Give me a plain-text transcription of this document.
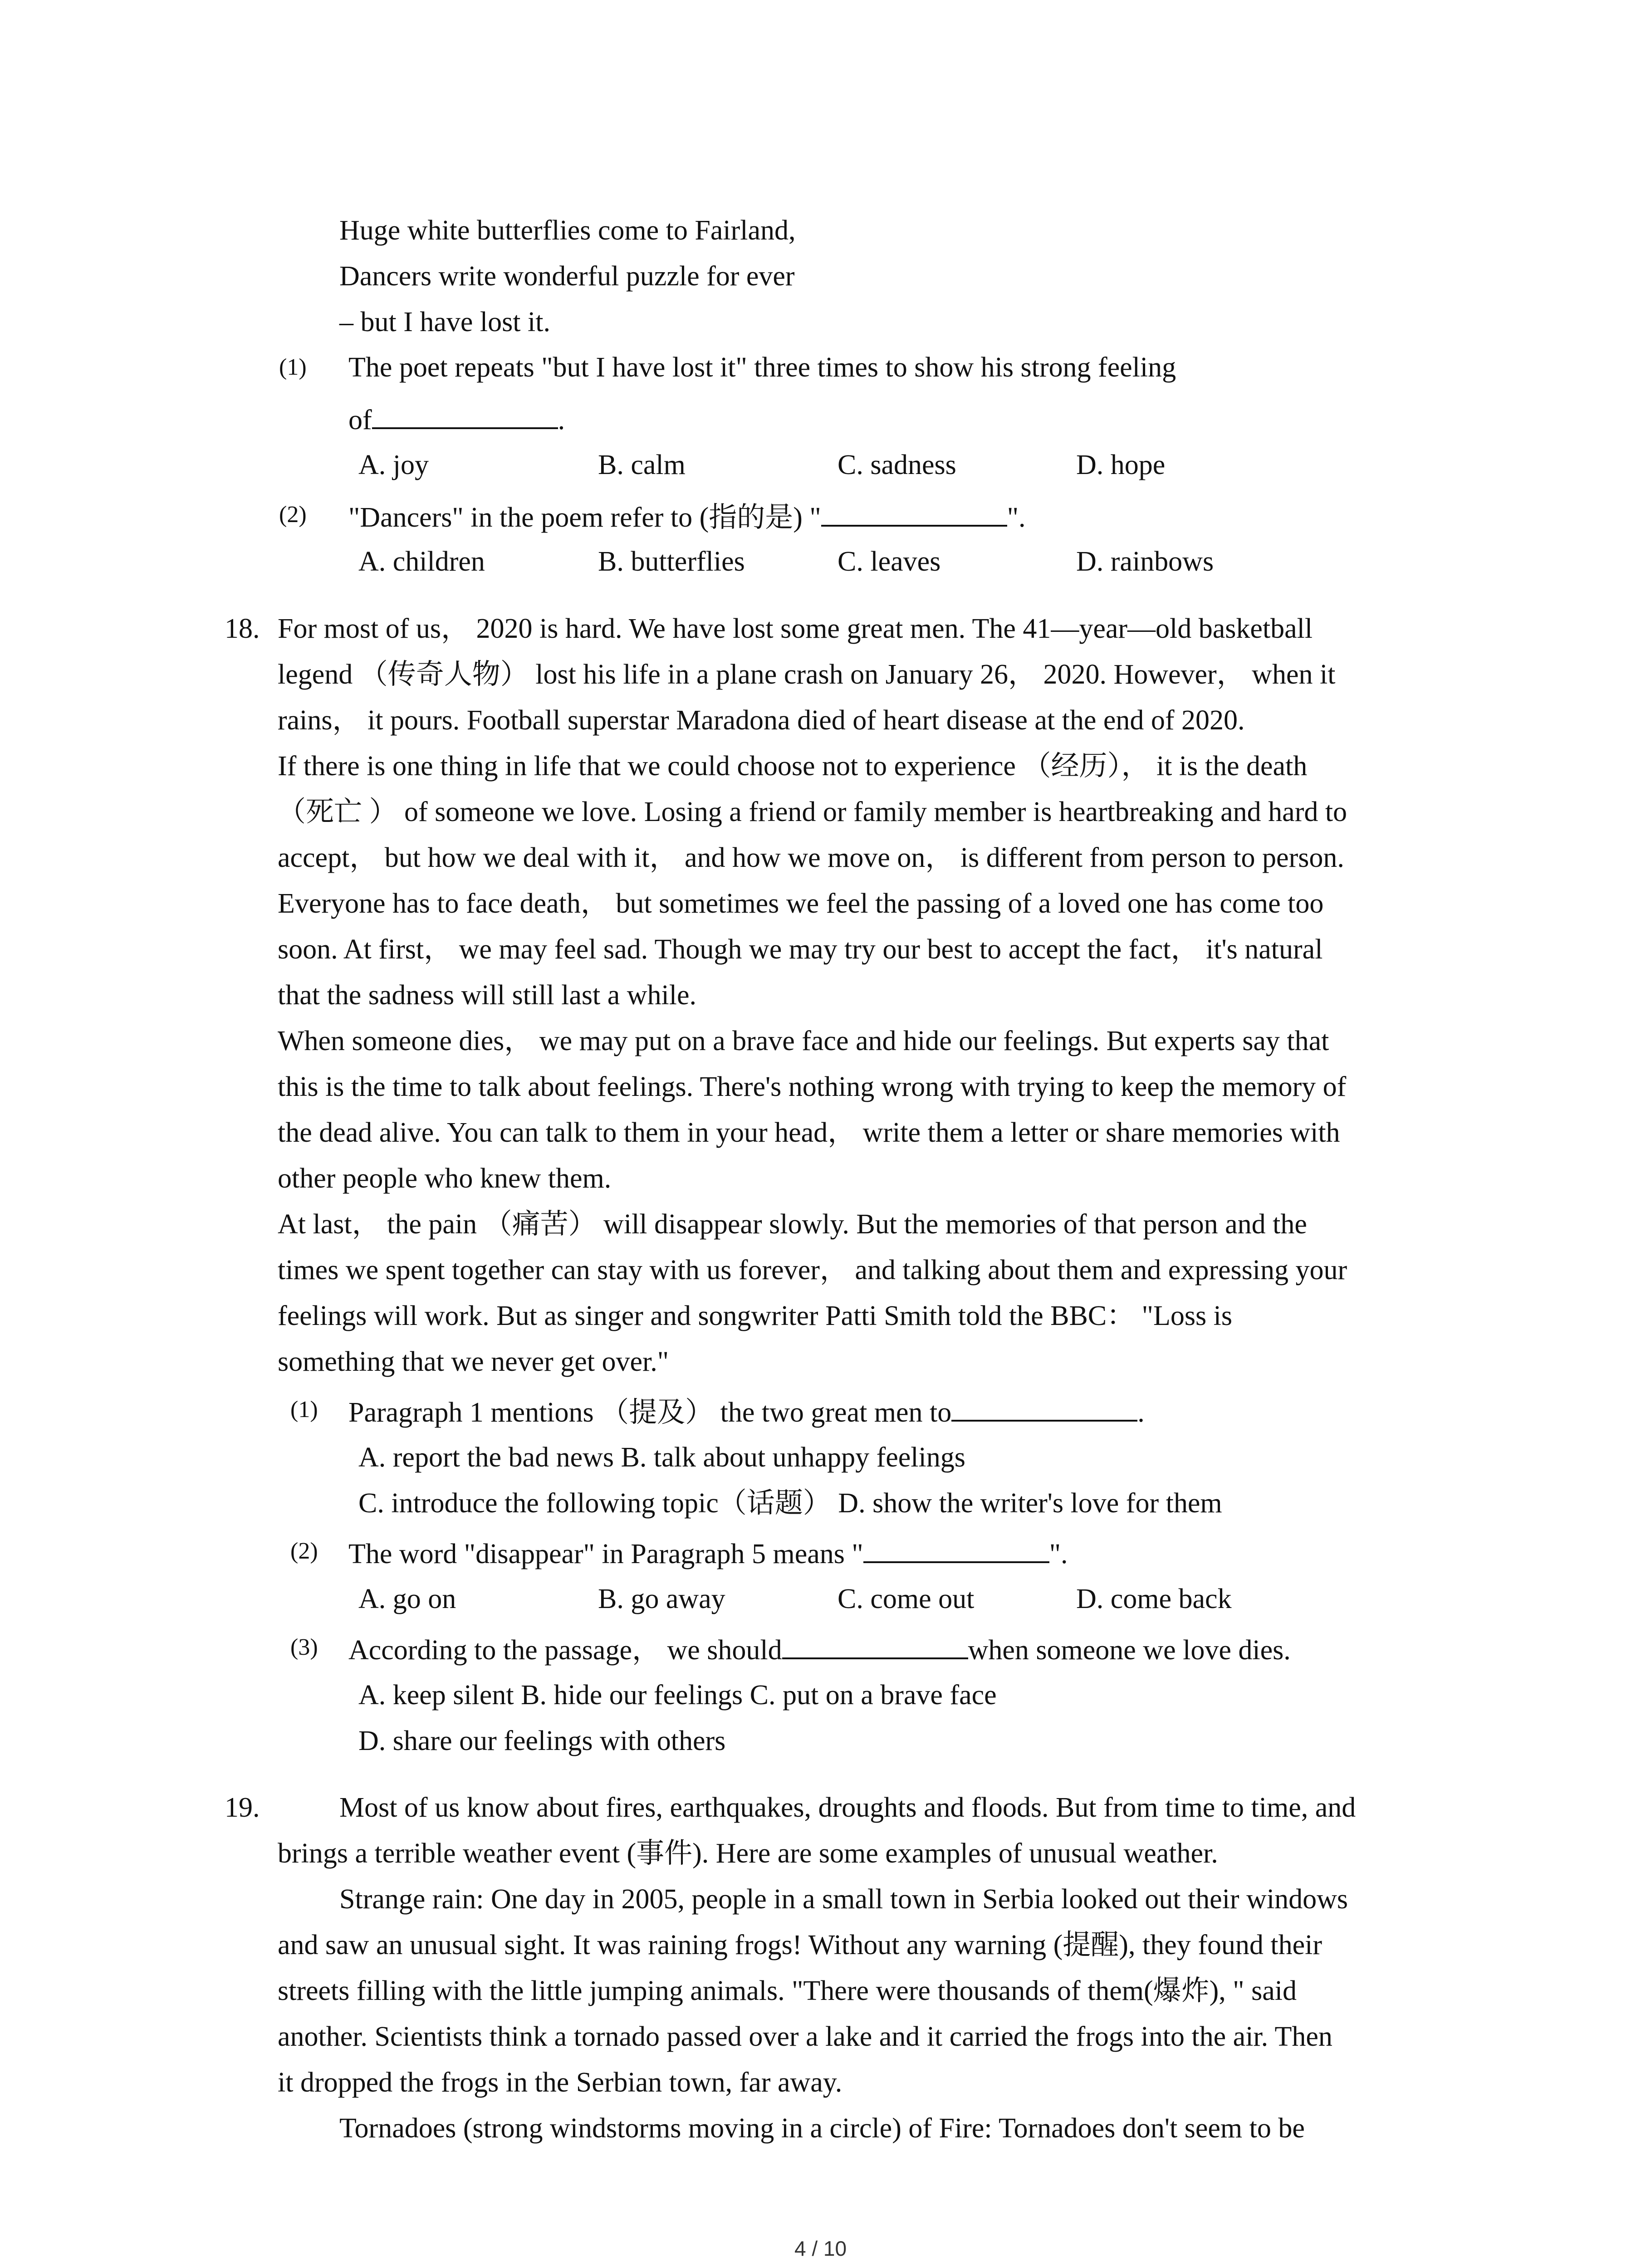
Huge white butterflies come to Fairland,
Dancers write wonderful puzzle for ever
– but I have lost it.
(1) The poet repeats "but I have lost it" three times to show his strong feeling
of	.
A. joy	B. calm	C. sadness	D. hope
(2) "Dancers" in the poem refer to (指的是) "	".
A. children	B. butterflies	C. leaves	D. rainbows
18. For most of us， 2020 is hard. We have lost some great men. The 41—year—old basketball
legend （传奇人物） lost his life in a plane crash on January 26， 2020. However， when it
rains， it pours. Football superstar Maradona died of heart disease at the end of 2020.
If there is one thing in life that we could choose not to experience （经历）， it is the death
（死亡 ） of someone we love. Losing a friend or family member is heartbreaking and hard to
accept， but how we deal with it， and how we move on， is different from person to person.
Everyone has to face death， but sometimes we feel the passing of a loved one has come too
soon. At first， we may feel sad. Though we may try our best to accept the fact， it's natural
that the sadness will still last a while.
When someone dies， we may put on a brave face and hide our feelings. But experts say that
this is the time to talk about feelings. There's nothing wrong with trying to keep the memory of
the dead alive. You can talk to them in your head， write them a letter or share memories with
other people who knew them.
At last， the pain （痛苦） will disappear slowly. But the memories of that person and the
times we spent together can stay with us forever， and talking about them and expressing your
feelings will work. But as singer and songwriter Patti Smith told the BBC： "Loss is
something that we never get over."
(1) Paragraph 1 mentions （提及） the two great men to	.
A. report the bad news B. talk about unhappy feelings
C. introduce the following topic（话题） D. show the writer's love for them
(2) The word "disappear" in Paragraph 5 means "	".
A. go on	B. go away	C. come out	D. come back
(3) According to the passage， we should	when someone we love dies.
A. keep silent B. hide our feelings C. put on a brave face
D. share our feelings with others
19.	Most of us know about fires, earthquakes, droughts and floods. But from time to time, and
brings a terrible weather event (事件). Here are some examples of unusual weather.
Strange rain: One day in 2005, people in a small town in Serbia looked out their windows
and saw an unusual sight. It was raining frogs! Without any warning (提醒), they found their
streets filling with the little jumping animals. "There were thousands of them(爆炸), " said
another. Scientists think a tornado passed over a lake and it carried the frogs into the air. Then
it dropped the frogs in the Serbian town, far away.
Tornadoes (strong windstorms moving in a circle) of Fire: Tornadoes don't seem to be
4 / 10
